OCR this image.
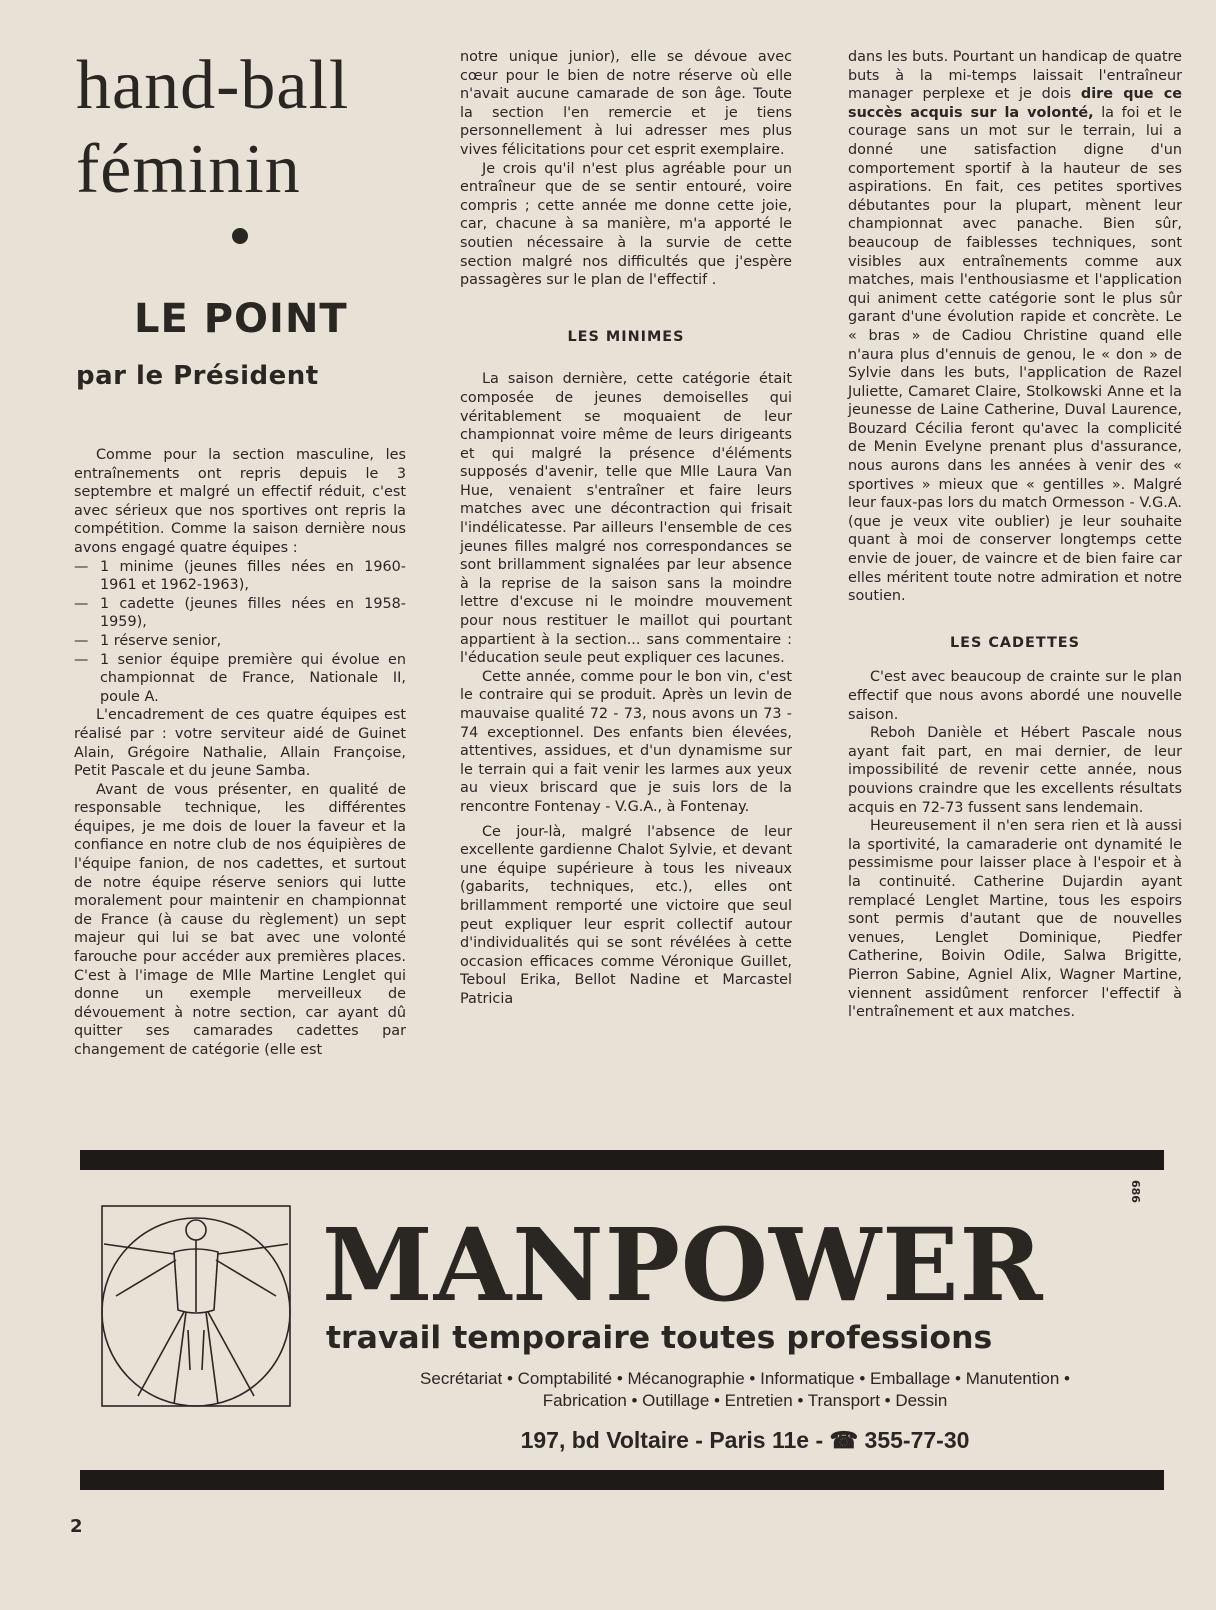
hand-ball
féminin
LE POINT
par le Président

Comme pour la section masculine, les entraînements ont repris depuis le 3 septembre et malgré un effectif réduit, c'est avec sérieux que nos sportives ont repris la compétition. Comme la saison dernière nous avons engagé quatre équipes :

— 1 minime (jeunes filles nées en 1960-1961 et 1962-1963),

— 1 cadette (jeunes filles nées en 1958-1959),

— 1 réserve senior,

— 1 senior équipe première qui évolue en championnat de France, Nationale II, poule A.

L'encadrement de ces quatre équipes est réalisé par : votre serviteur aidé de Guinet Alain, Grégoire Nathalie, Allain Françoise, Petit Pascale et du jeune Samba.

Avant de vous présenter, en qualité de responsable technique, les différentes équipes, je me dois de louer la faveur et la confiance en notre club de nos équipières de l'équipe fanion, de nos cadettes, et surtout de notre équipe réserve seniors qui lutte moralement pour maintenir en championnat de France (à cause du règlement) un sept majeur qui lui se bat avec une volonté farouche pour accéder aux premières places. C'est à l'image de Mlle Martine Lenglet qui donne un exemple merveilleux de dévouement à notre section, car ayant dû quitter ses camarades cadettes par changement de catégorie (elle est

notre unique junior), elle se dévoue avec cœur pour le bien de notre réserve où elle n'avait aucune camarade de son âge. Toute la section l'en remercie et je tiens personnellement à lui adresser mes plus vives félicitations pour cet esprit exemplaire.

Je crois qu'il n'est plus agréable pour un entraîneur que de se sentir entouré, voire compris ; cette année me donne cette joie, car, chacune à sa manière, m'a apporté le soutien nécessaire à la survie de cette section malgré nos difficultés que j'espère passagères sur le plan de l'effectif .

LES MINIMES

La saison dernière, cette catégorie était composée de jeunes demoiselles qui véritablement se moquaient de leur championnat voire même de leurs dirigeants et qui malgré la présence d'éléments supposés d'avenir, telle que Mlle Laura Van Hue, venaient s'entraîner et faire leurs matches avec une décontraction qui frisait l'indélicatesse. Par ailleurs l'ensemble de ces jeunes filles malgré nos correspondances se sont brillamment signalées par leur absence à la reprise de la saison sans la moindre lettre d'excuse ni le moindre mouvement pour nous restituer le maillot qui pourtant appartient à la section... sans commentaire : l'éducation seule peut expliquer ces lacunes.

Cette année, comme pour le bon vin, c'est le contraire qui se produit. Après un levin de mauvaise qualité 72 - 73, nous avons un 73 - 74 exceptionnel. Des enfants bien élevées, attentives, assidues, et d'un dynamisme sur le terrain qui a fait venir les larmes aux yeux au vieux briscard que je suis lors de la rencontre Fontenay - V.G.A., à Fontenay.

Ce jour-là, malgré l'absence de leur excellente gardienne Chalot Sylvie, et devant une équipe supérieure à tous les niveaux (gabarits, techniques, etc.), elles ont brillamment remporté une victoire que seul peut expliquer leur esprit collectif autour d'individualités qui se sont révélées à cette occasion efficaces comme Véronique Guillet, Teboul Erika, Bellot Nadine et Marcastel Patricia

dans les buts. Pourtant un handicap de quatre buts à la mi-temps laissait l'entraîneur manager perplexe et je dois dire que ce succès acquis sur la volonté, la foi et le courage sans un mot sur le terrain, lui a donné une satisfaction digne d'un comportement sportif à la hauteur de ses aspirations. En fait, ces petites sportives débutantes pour la plupart, mènent leur championnat avec panache. Bien sûr, beaucoup de faiblesses techniques, sont visibles aux entraînements comme aux matches, mais l'enthousiasme et l'application qui animent cette catégorie sont le plus sûr garant d'une évolution rapide et concrète. Le « bras » de Cadiou Christine quand elle n'aura plus d'ennuis de genou, le « don » de Sylvie dans les buts, l'application de Razel Juliette, Camaret Claire, Stolkowski Anne et la jeunesse de Laine Catherine, Duval Laurence, Bouzard Cécilia feront qu'avec la complicité de Menin Evelyne prenant plus d'assurance, nous aurons dans les années à venir des « sportives » mieux que « gentilles ». Malgré leur faux-pas lors du match Ormesson - V.G.A. (que je veux vite oublier) je leur souhaite quant à moi de conserver longtemps cette envie de jouer, de vaincre et de bien faire car elles méritent toute notre admiration et notre soutien.

LES CADETTES

C'est avec beaucoup de crainte sur le plan effectif que nous avons abordé une nouvelle saison.

Reboh Danièle et Hébert Pascale nous ayant fait part, en mai dernier, de leur impossibilité de revenir cette année, nous pouvions craindre que les excellents résultats acquis en 72-73 fussent sans lendemain.

Heureusement il n'en sera rien et là aussi la sportivité, la camaraderie ont dynamité le pessimisme pour laisser place à l'espoir et à la continuité. Catherine Dujardin ayant remplacé Lenglet Martine, tous les espoirs sont permis d'autant que de nouvelles venues, Lenglet Dominique, Piedfer Catherine, Boivin Odile, Salwa Brigitte, Pierron Sabine, Agniel Alix, Wagner Martine, viennent assidûment renforcer l'effectif à l'entraînement et aux matches.

MANPOWER
travail temporaire toutes professions
Secrétariat • Comptabilité • Mécanographie • Informatique • Emballage • Manutention •
Fabrication • Outillage • Entretien • Transport • Dessin
197, bd Voltaire - Paris 11e - ☎ 355-77-30
686
2
